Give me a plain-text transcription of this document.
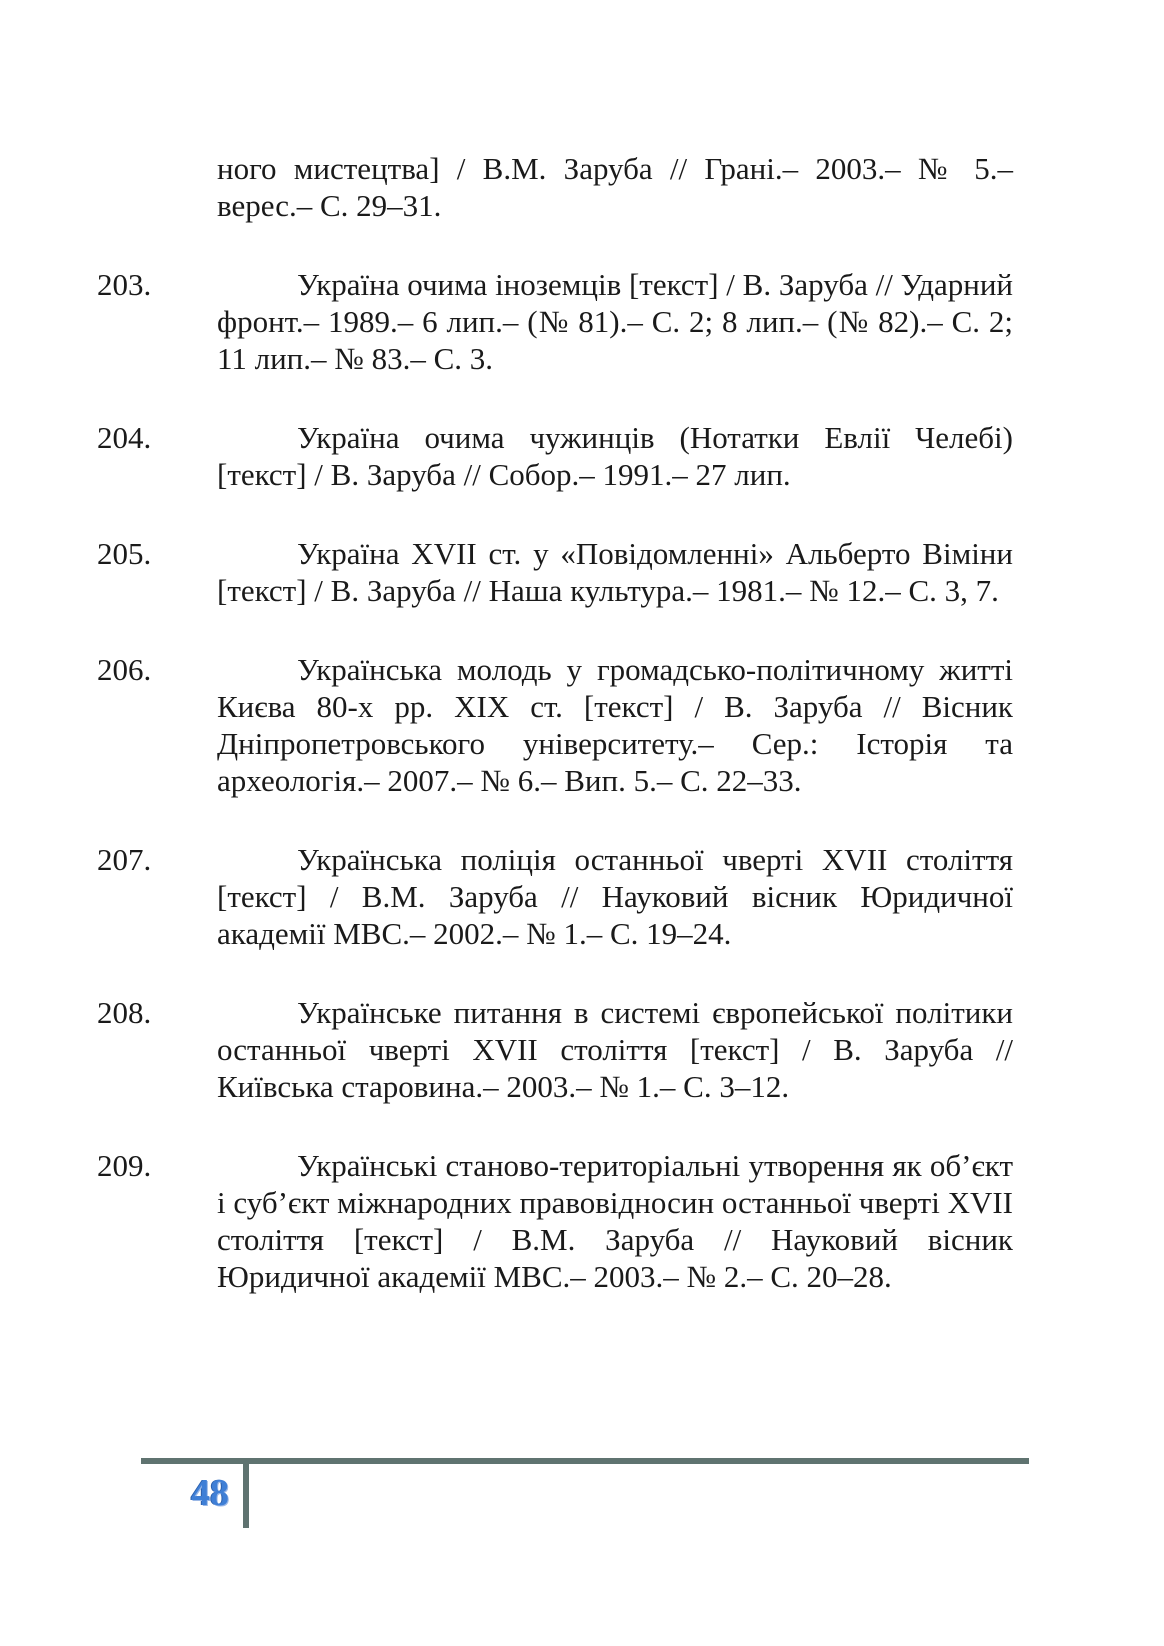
ного мистецтва] / В.М. Заруба // Грані.– 2003.– № 5.– верес.– С. 29–31.
203.	Україна очима іноземців [текст] / В. Заруба // Ударний фронт.– 1989.– 6 лип.– (№ 81).– С. 2; 8 лип.– (№ 82).– С. 2; 11 лип.– № 83.– С. 3.
204.	Україна очима чужинців (Нотатки Евлії Челебі) [текст] / В. Заруба // Собор.– 1991.– 27 лип.
205.	Україна XVII ст. у «Повідомленні» Альберто Віміни [текст] / В. Заруба // Наша культура.– 1981.– № 12.– С. 3, 7.
206.	Українська молодь у громадсько-політичному житті Києва 80-х рр. XIX ст. [текст] / В. Заруба // Вісник Дніпропетровського університету.– Сер.: Історія та археологія.– 2007.– № 6.– Вип. 5.– С. 22–33.
207.	Українська поліція останньої чверті XVII століття [текст] / В.М. Заруба // Науковий вісник Юридичної академії МВС.– 2002.– № 1.– С. 19–24.
208.	Українське питання в системі європейської політики останньої чверті XVII століття [текст] / В. Заруба // Київська старовина.– 2003.– № 1.– С. 3–12.
209.	Українські станово-територіальні утворення як об’єкт і суб’єкт міжнародних правовідносин останньої чверті XVII століття [текст] / В.М. Заруба // Науковий вісник Юридичної академії МВС.– 2003.– № 2.– С. 20–28.
48
